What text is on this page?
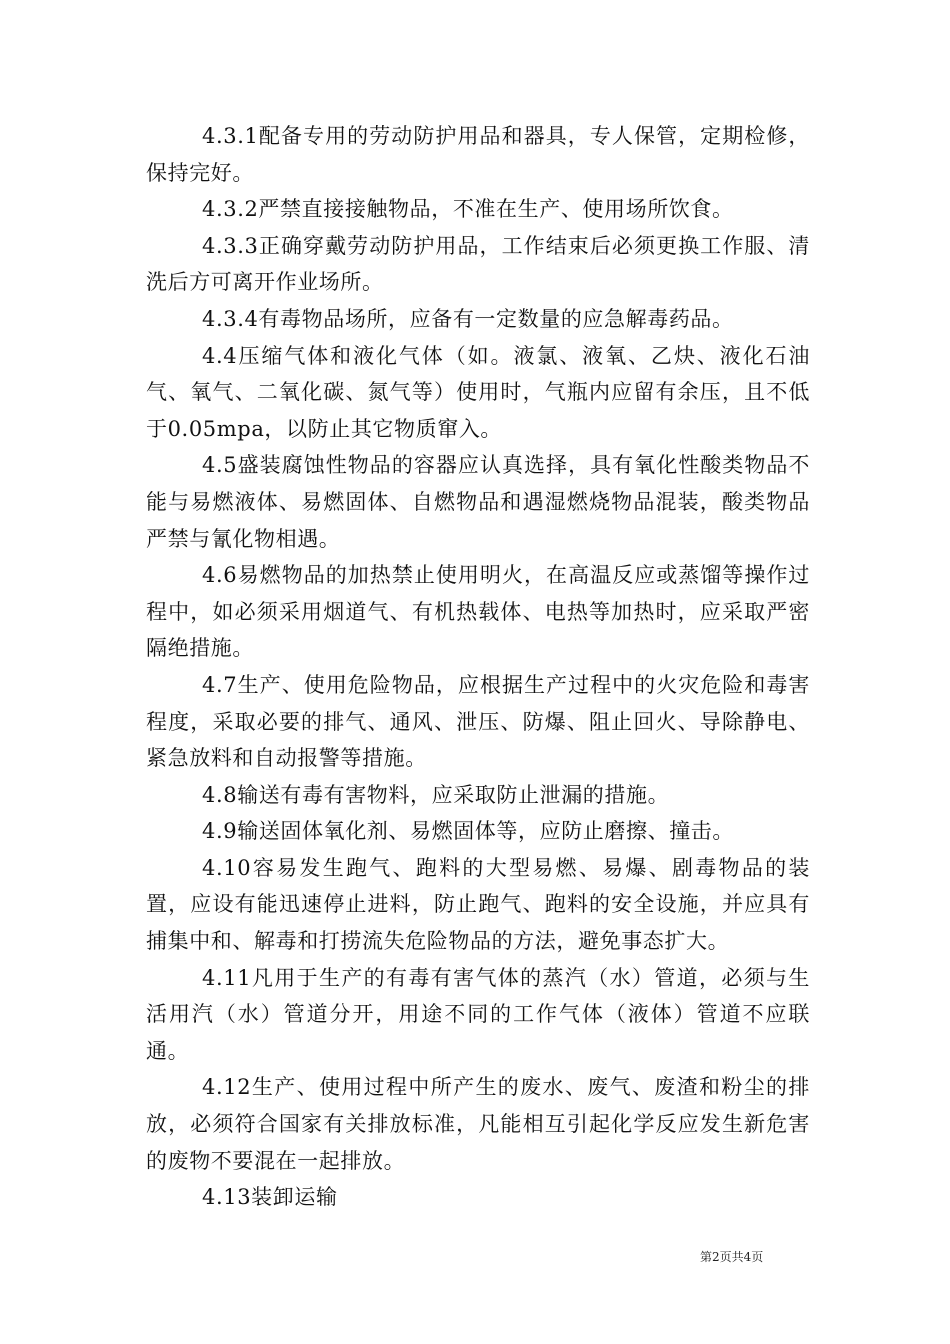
4.3.1配备专用的劳动防护用品和器具，专人保管，定期检修，保持完好。

4.3.2严禁直接接触物品，不准在生产、使用场所饮食。

4.3.3正确穿戴劳动防护用品，工作结束后必须更换工作服、清洗后方可离开作业场所。

4.3.4有毒物品场所，应备有一定数量的应急解毒药品。

4.4压缩气体和液化气体（如。液氯、液氧、乙炔、液化石油气、氧气、二氧化碳、氮气等）使用时，气瓶内应留有余压，且不低于0.05mpa，以防止其它物质窜入。

4.5盛装腐蚀性物品的容器应认真选择，具有氧化性酸类物品不能与易燃液体、易燃固体、自燃物品和遇湿燃烧物品混装，酸类物品严禁与氰化物相遇。

4.6易燃物品的加热禁止使用明火，在高温反应或蒸馏等操作过程中，如必须采用烟道气、有机热载体、电热等加热时，应采取严密隔绝措施。

4.7生产、使用危险物品，应根据生产过程中的火灾危险和毒害程度，采取必要的排气、通风、泄压、防爆、阻止回火、导除静电、紧急放料和自动报警等措施。

4.8输送有毒有害物料，应采取防止泄漏的措施。

4.9输送固体氧化剂、易燃固体等，应防止磨擦、撞击。

4.10容易发生跑气、跑料的大型易燃、易爆、剧毒物品的装置，应设有能迅速停止进料，防止跑气、跑料的安全设施，并应具有捕集中和、解毒和打捞流失危险物品的方法，避免事态扩大。

4.11凡用于生产的有毒有害气体的蒸汽（水）管道，必须与生活用汽（水）管道分开，用途不同的工作气体（液体）管道不应联通。

4.12生产、使用过程中所产生的废水、废气、废渣和粉尘的排放，必须符合国家有关排放标准，凡能相互引起化学反应发生新危害的废物不要混在一起排放。

4.13装卸运输

第2页共4页
